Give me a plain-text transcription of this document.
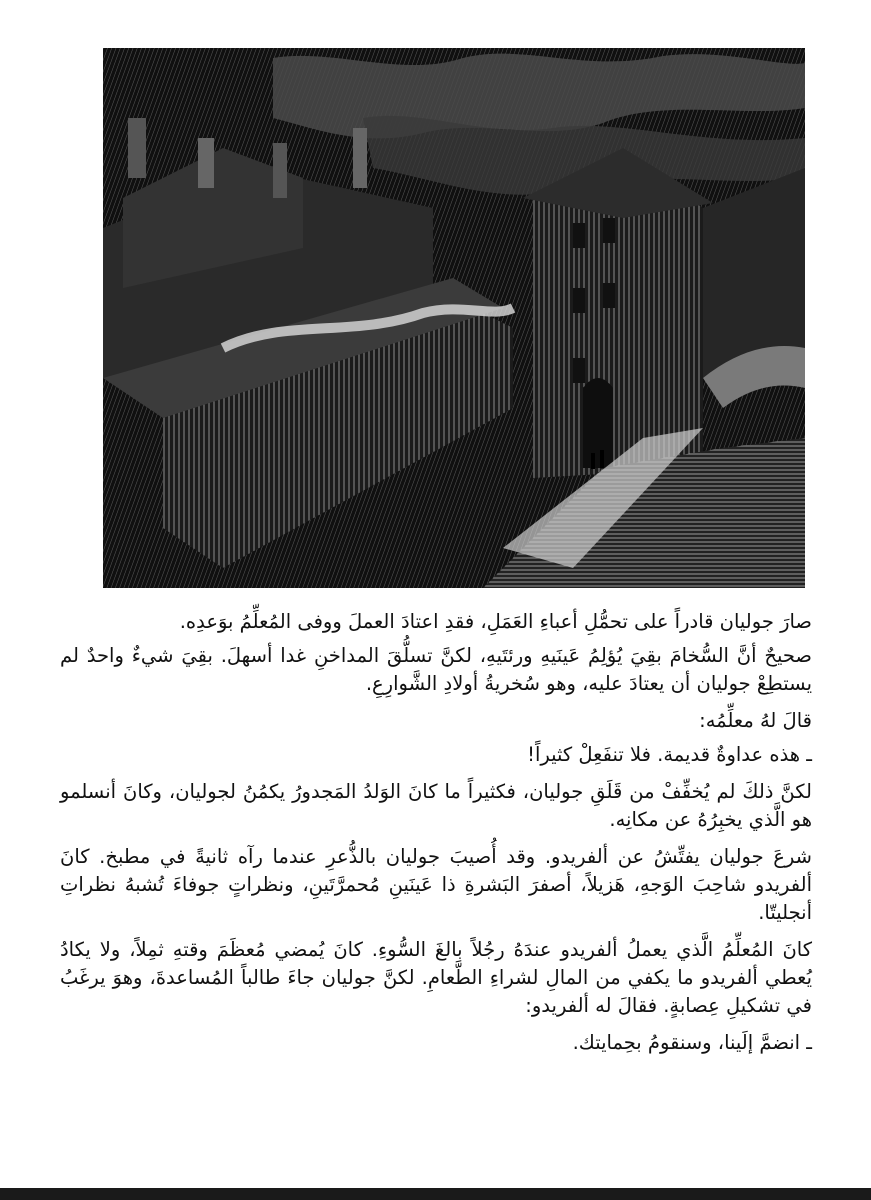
صارَ جوليان قادراً على تحمُّلِ أعباءِ العَمَلِ، فقدِ اعتادَ العملَ ووفى المُعلِّمُ بوَعدِه.

صحيحٌ أنَّ السُّخامَ بقِيَ يُؤلِمُ عَينَيهِ ورئتَيهِ، لكنَّ تسلُّقَ المداخنِ غدا أسهلَ. بقِيَ شيءٌ واحدٌ لم يستطِعْ جوليان أن يعتادَ عليه، وهو سُخريةُ أولادِ الشَّوارِعِ.

قالَ لهُ معلِّمُه:

ـ هذه عداوةٌ قديمة. فلا تنفَعِلْ كثيراً!

لكنَّ ذلكَ لم يُخفِّفْ من قَلَقِ جوليان، فكثيراً ما كانَ الوَلدُ المَجدورُ يكمُنُ لجوليان، وكانَ أنسلمو هو الَّذي يخبِرُهُ عن مكانِه.

شرعَ جوليان يفتِّشُ عن ألفريدو. وقد أُصيبَ جوليان بالذُّعرِ عندما رآه ثانيةً في مطبخ. كانَ ألفريدو شاحِبَ الوَجهِ، هَزيلاً، أصفرَ البَشرةِ ذا عَينَينِ مُحمرَّتَينِ، ونظراتٍ جوفاءَ تُشبهُ نظراتِ أنجليتّا.

كانَ المُعلِّمُ الَّذي يعملُ ألفريدو عندَهُ رجُلاً بالغَ السُّوءِ. كانَ يُمضي مُعظَمَ وقتهِ ثمِلاً، ولا يكادُ يُعطي ألفريدو ما يكفي من المالِ لشراءِ الطَّعامِ. لكنَّ جوليان جاءَ طالباً المُساعدةَ، وهوَ يرغَبُ في تشكيلِ عِصابةٍ. فقالَ له ألفريدو:

ـ انضمَّ إلَينا، وسنقومُ بحِمايتك.
